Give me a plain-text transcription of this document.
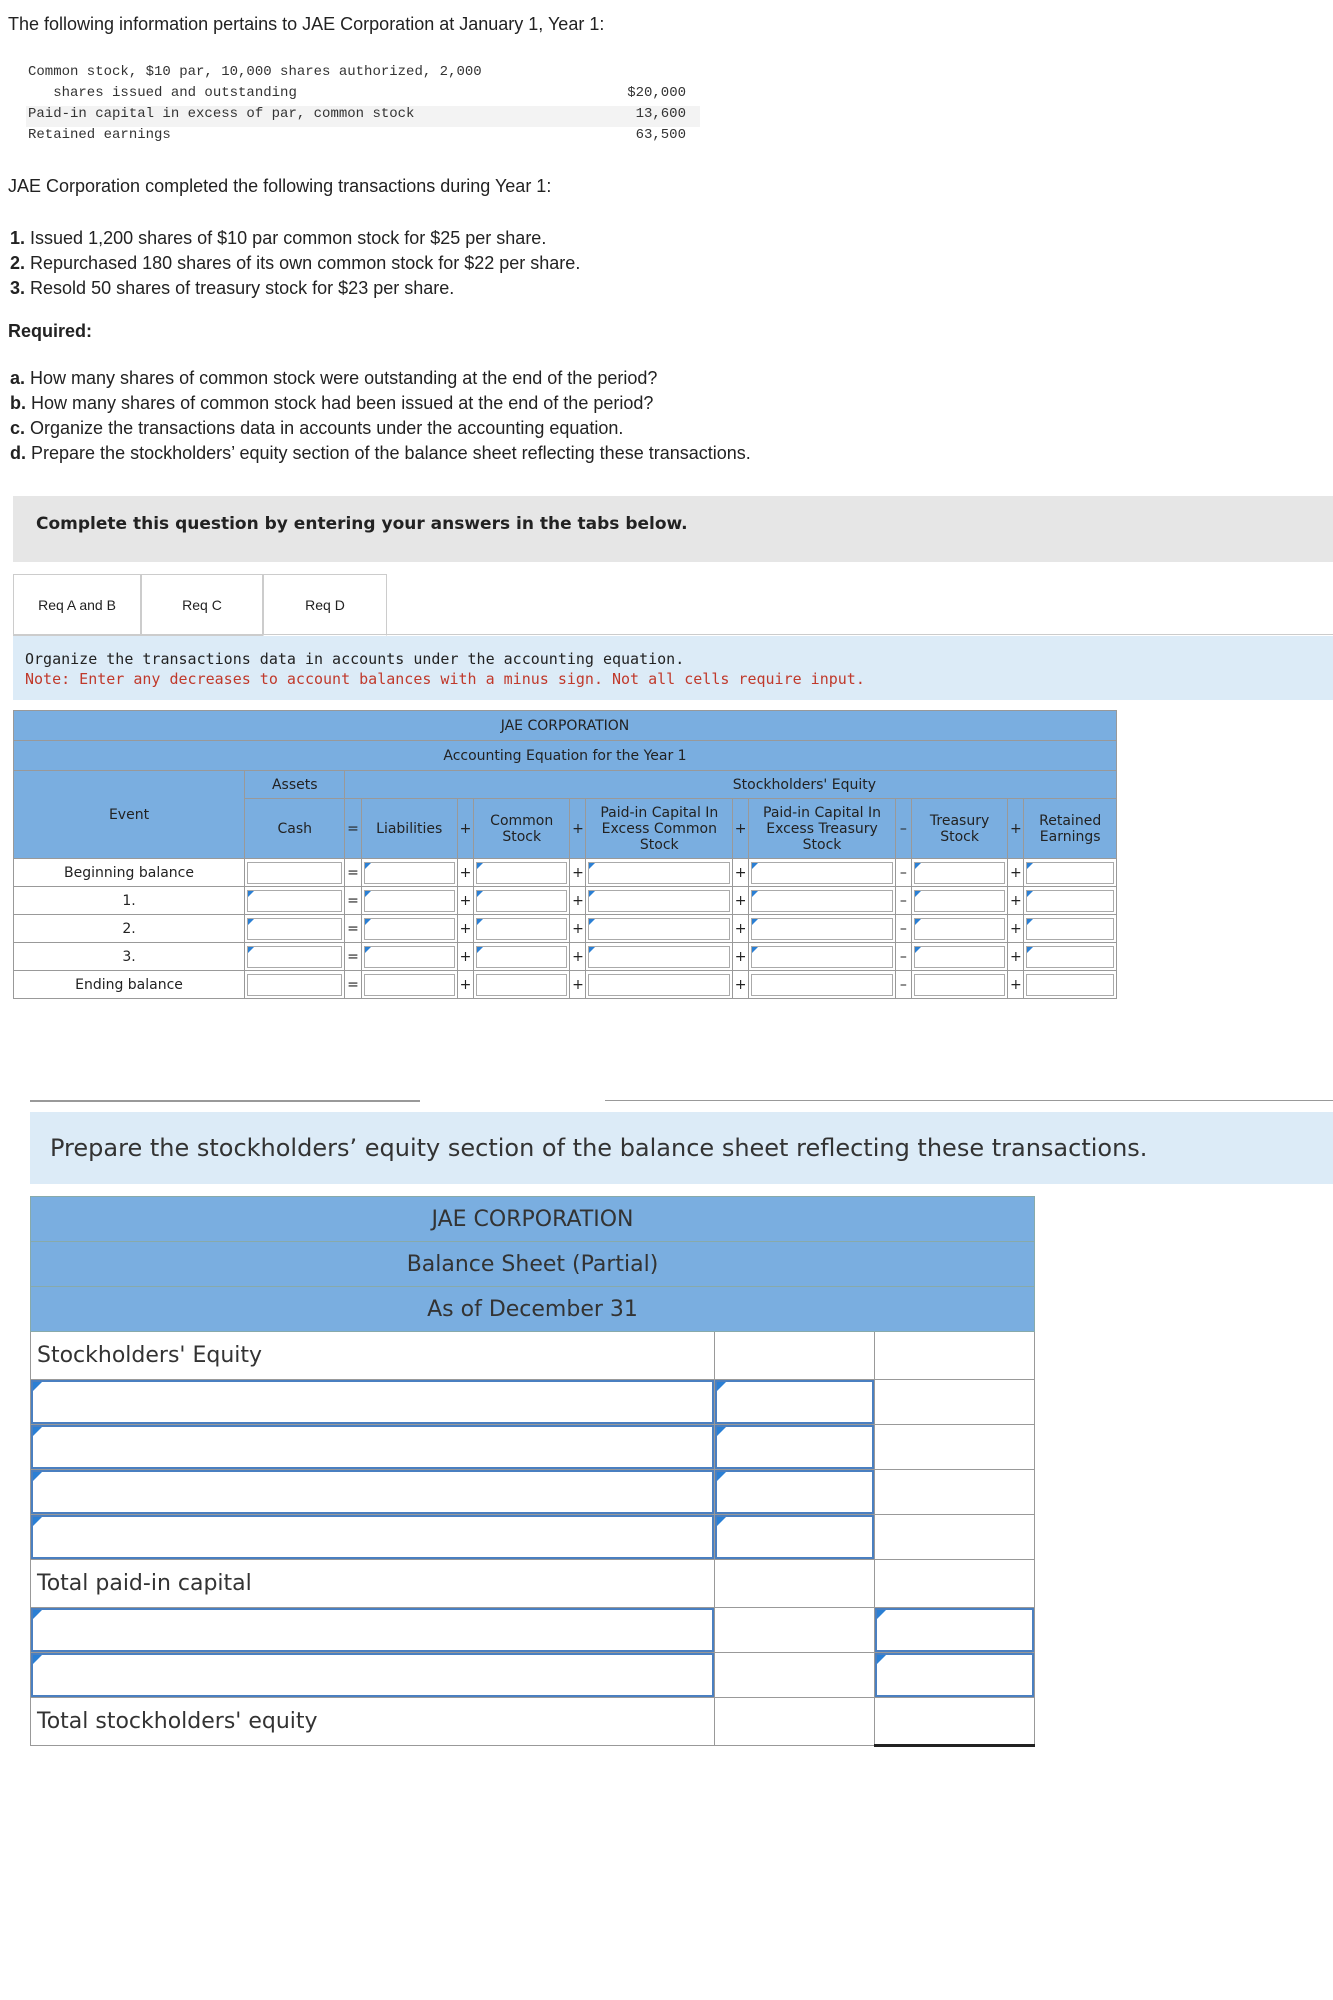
The following information pertains to JAE Corporation at January 1, Year 1:
Common stock, $10 par, 10,000 shares authorized, 2,000
shares issued and outstanding	$20,000
Paid-in capital in excess of par, common stock	13,600
Retained earnings	63,500
JAE Corporation completed the following transactions during Year 1:
1. Issued 1,200 shares of $10 par common stock for $25 per share.
2. Repurchased 180 shares of its own common stock for $22 per share.
3. Resold 50 shares of treasury stock for $23 per share.
Required:
a. How many shares of common stock were outstanding at the end of the period?
b. How many shares of common stock had been issued at the end of the period?
c. Organize the transactions data in accounts under the accounting equation.
d. Prepare the stockholders’ equity section of the balance sheet reflecting these transactions.
Complete this question by entering your answers in the tabs below.
Req A and B	Req C	Req D
Organize the transactions data in accounts under the accounting equation.
Note: Enter any decreases to account balances with a minus sign. Not all cells require input.
JAE CORPORATION													
Accounting Equation for the Year 1													
Event	Assets	Stockholders' Equity											
	Cash	=	Liabilities	+	Common Stock	+	Paid-in Capital In Excess Common Stock	+	Paid-in Capital In Excess Treasury Stock	–	Treasury Stock	+	Retained Earnings
Beginning balance		=		+		+		+		–		+	

1.		=		+		+		+		–		+	

2.		=		+		+		+		–		+	

3.		=		+		+		+		–		+	

Ending balance		=		+		+		+		–		+	
Prepare the stockholders’ equity section of the balance sheet reflecting these transactions.
JAE CORPORATION		
Balance Sheet (Partial)		
As of December 31		
Stockholders' Equity		

Total paid-in capital		

Total stockholders' equity		
